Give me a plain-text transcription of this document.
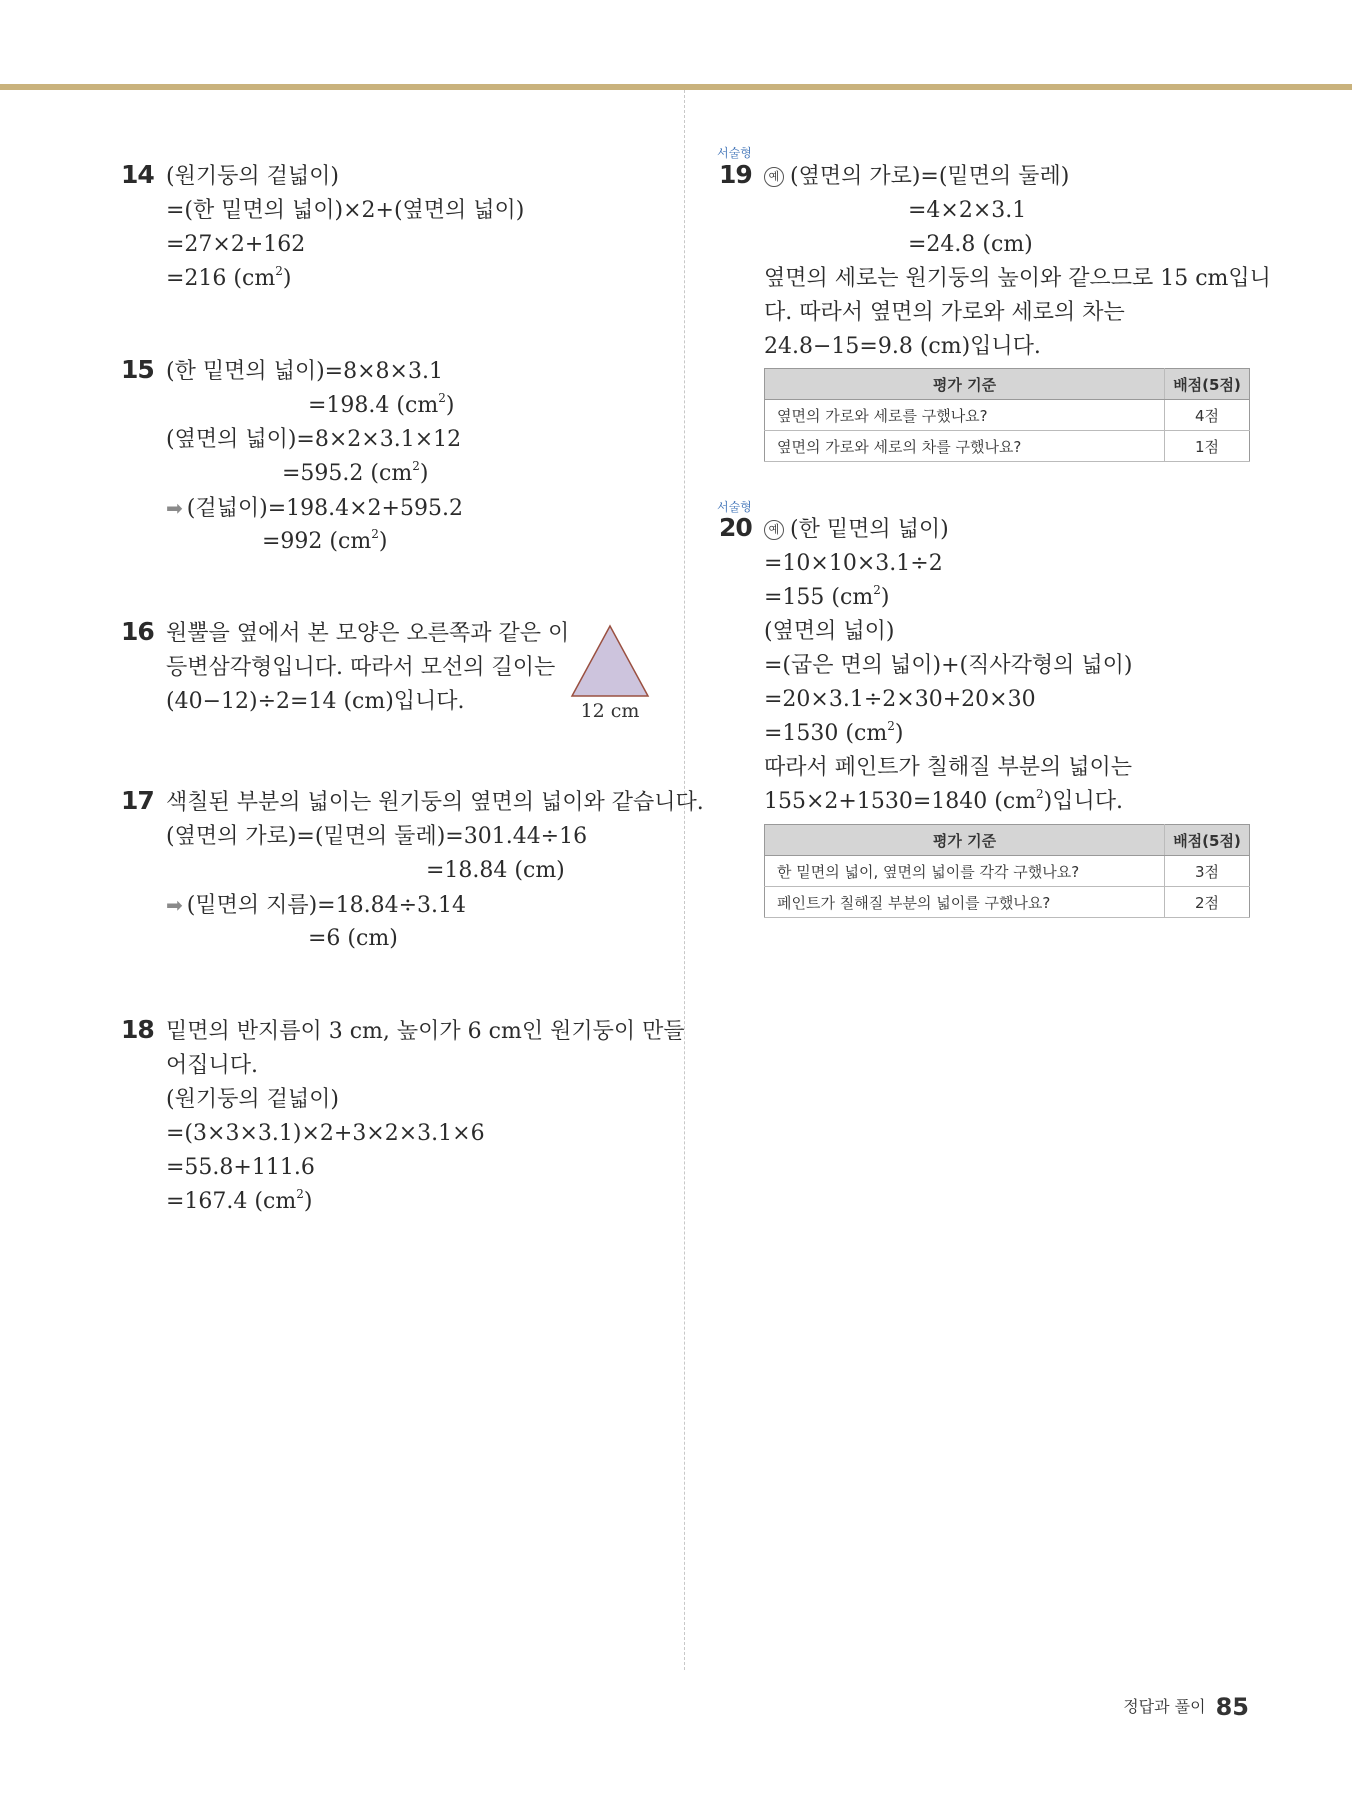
14 (원기둥의 겉넓이)
=(한 밑면의 넓이)×2+(옆면의 넓이)
=27×2+162
=216 $(cm^2)$
15 (한 밑면의 넓이)=8×8×3.1
=198.4 $(cm^2)$
(옆면의 넓이)=8×2×3.1×12
=595.2 $(cm^2)$
➡ (겉넓이)=198.4×2+595.2
=992 $(cm^2)$
16 원뿔을 옆에서 본 모양은 오른쪽과 같은 이
등변삼각형입니다. 따라서 모선의 길이는
(40−12)÷2=14 (cm)입니다.	12 cm
17 색칠된 부분의 넓이는 원기둥의 옆면의 넓이와 같습니다.
(옆면의 가로)=(밑면의 둘레)=301.44÷16
=18.84 (cm)
➡ (밑면의 지름)=18.84÷3.14
=6 (cm)
18 밑면의 반지름이 3 cm, 높이가 6 cm인 원기둥이 만들
어집니다.
(원기둥의 겉넓이)
=(3×3×3.1)×2+3×2×3.1×6
=55.8+111.6
=167.4 $(cm^2)$
서술형
19	예 (옆면의 가로)=(밑면의 둘레)
=4×2×3.1
=24.8 (cm)
옆면의 세로는 원기둥의 높이와 같으므로 15 cm입니
다. 따라서 옆면의 가로와 세로의 차는
24.8−15=9.8 (cm)입니다.
평가 기준	배점(5점)
옆면의 가로와 세로를 구했나요?	4점
옆면의 가로와 세로의 차를 구했나요?	1점
서술형
20	예 (한 밑면의 넓이)
=10×10×3.1÷2
=155 $(cm^2)$
(옆면의 넓이)
=(굽은 면의 넓이)+(직사각형의 넓이)
=20×3.1÷2×30+20×30
=1530 $(cm^2)$
따라서 페인트가 칠해질 부분의 넓이는
155×2+1530=1840 $(cm^2)$입니다.
평가 기준	배점(5점)
한 밑면의 넓이, 옆면의 넓이를 각각 구했나요?	3점
페인트가 칠해질 부분의 넓이를 구했나요?	2점
정답과 풀이 85
